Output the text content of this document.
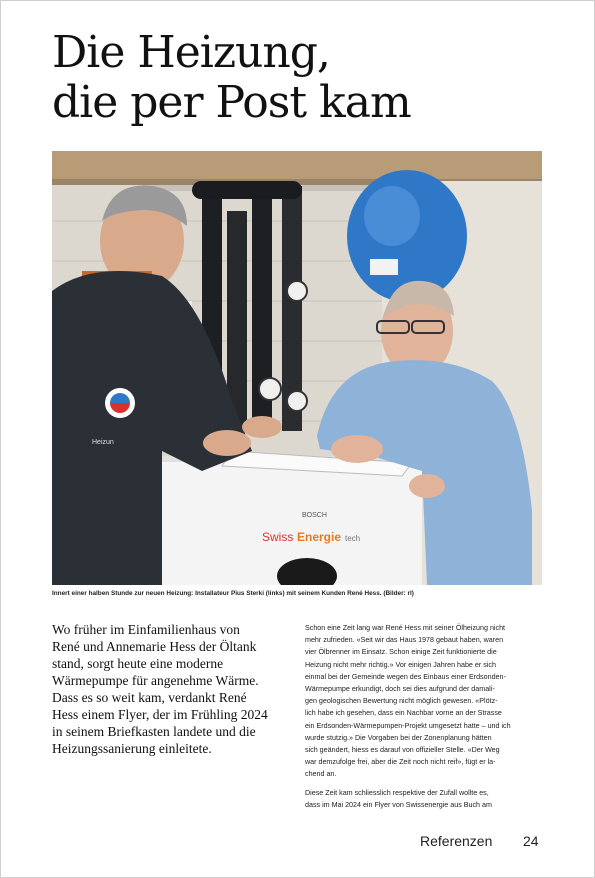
Die Heizung,
die per Post kam
BOSCH
Swiss Energie tech
Heizun
Innert einer halben Stunde zur neuen Heizung: Installateur Pius Sterki (links) mit seinem Kunden René Hess. (Bilder: rl)
Wo früher im Einfamilienhaus von
René und Annemarie Hess der Öltank
stand, sorgt heute eine moderne
Wärmepumpe für angenehme Wärme.
Dass es so weit kam, verdankt René
Hess einem Flyer, der im Frühling 2024
in seinem Briefkasten landete und die
Heizungssanierung einleitete.
Schon eine Zeit lang war René Hess mit seiner Ölheizung nicht
mehr zufrieden. «Seit wir das Haus 1978 gebaut haben, waren
vier Ölbrenner im Einsatz. Schon einige Zeit funktionierte die
Heizung nicht mehr richtig.» Vor einigen Jahren habe er sich
einmal bei der Gemeinde wegen des Einbaus einer Erdsonden-
Wärmepumpe erkundigt, doch sei dies aufgrund der damali-
gen geologischen Bewertung nicht möglich gewesen. «Plötz-
lich habe ich gesehen, dass ein Nachbar vorne an der Strasse
ein Erdsonden-Wärmepumpen-Projekt umgesetzt hatte – und ich
wurde stutzig.» Die Vorgaben bei der Zonenplanung hätten
sich geändert, hiess es darauf von offizieller Stelle. «Der Weg
war demzufolge frei, aber die Zeit noch nicht reif», fügt er la-
chend an.
Diese Zeit kam schliesslich respektive der Zufall wollte es,
dass im Mai 2024 ein Flyer von Swissenergie aus Buch am
Referenzen 24
